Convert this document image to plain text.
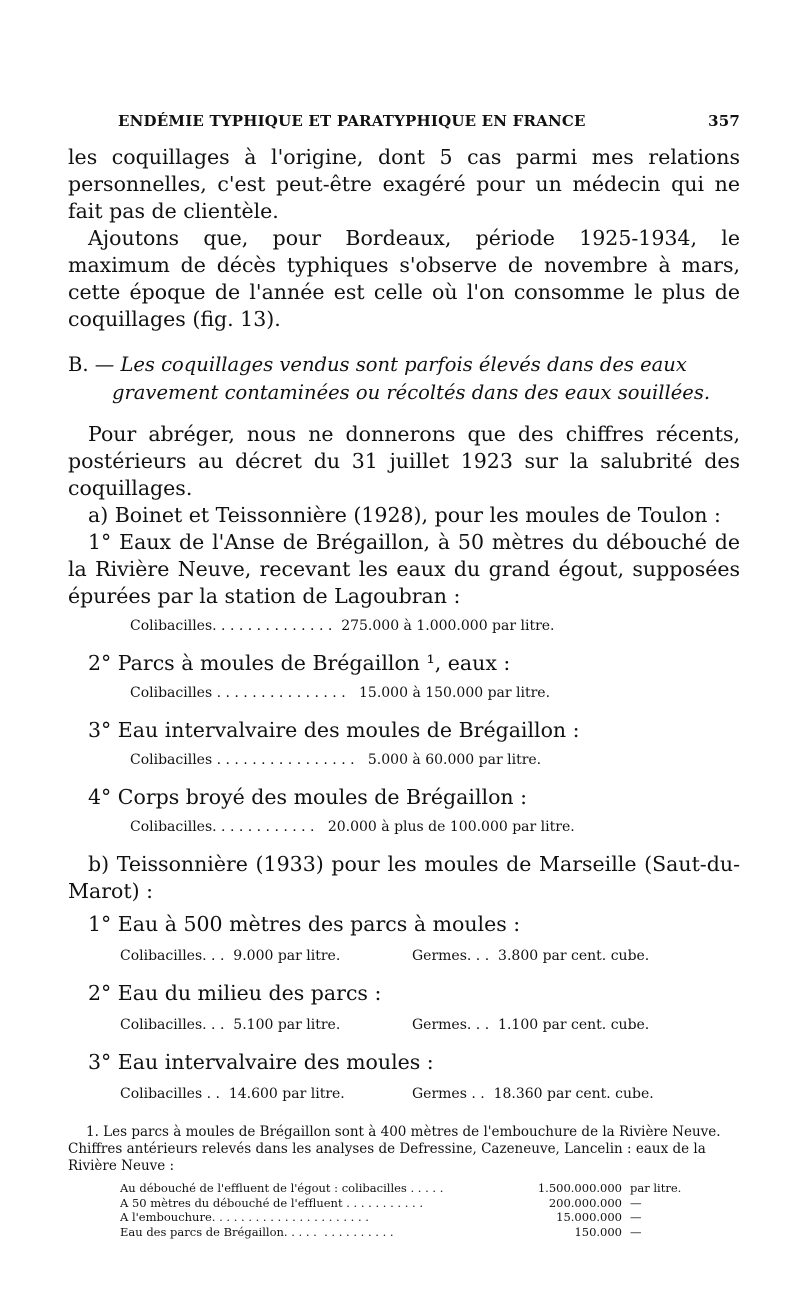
ENDÉMIE TYPHIQUE ET PARATYPHIQUE EN FRANCE	357

les coquillages à l'origine, dont 5 cas parmi mes relations personnelles, c'est peut-être exagéré pour un médecin qui ne fait pas de clientèle.

Ajoutons que, pour Bordeaux, période 1925-1934, le maximum de décès typhiques s'observe de novembre à mars, cette époque de l'année est celle où l'on consomme le plus de coquillages (fig. 13).

B. — Les coquillages vendus sont parfois élevés dans des eaux
gravement contaminées ou récoltés dans des eaux souillées.

Pour abréger, nous ne donnerons que des chiffres récents, postérieurs au décret du 31 juillet 1923 sur la salubrité des coquillages.

a) Boinet et Teissonnière (1928), pour les moules de Toulon :

1° Eaux de l'Anse de Brégaillon, à 50 mètres du débouché de la Rivière Neuve, recevant les eaux du grand égout, supposées épurées par la station de Lagoubran :

Colibacilles. . . . . . . . . . . . . .  275.000 à 1.000.000 par litre.
2° Parcs à moules de Brégaillon ¹, eaux :
Colibacilles . . . . . . . . . . . . . . .   15.000 à 150.000 par litre.
3° Eau intervalvaire des moules de Brégaillon :
Colibacilles . . . . . . . . . . . . . . . .   5.000 à 60.000 par litre.
4° Corps broyé des moules de Brégaillon :
Colibacilles. . . . . . . . . . . .   20.000 à plus de 100.000 par litre.

b) Teissonnière (1933) pour les moules de Marseille (Saut-du-Marot) :

1° Eau à 500 mètres des parcs à moules :
Colibacilles. . .  9.000 par litre.	Germes. . .  3.800 par cent. cube.
2° Eau du milieu des parcs :
Colibacilles. . .  5.100 par litre.	Germes. . .  1.100 par cent. cube.
3° Eau intervalvaire des moules :
Colibacilles . .  14.600 par litre.	Germes . .  18.360 par cent. cube.
1. Les parcs à moules de Brégaillon sont à 400 mètres de l'embouchure de la Rivière Neuve. Chiffres antérieurs relevés dans les analyses de Defressine, Cazeneuve, Lancelin : eaux de la Rivière Neuve :
Au débouché de l'effluent de l'égout : colibacilles . . . . .	1.500.000.000 par litre.
A 50 mètres du débouché de l'effluent . . . . . . . . . . .	200.000.000 —
A l'embouchure. . . . . . . . . . . . . . . . . . . . . .	15.000.000 —
Eau des parcs de Brégaillon. . . . .  . . . . . . . . . .	150.000 —
